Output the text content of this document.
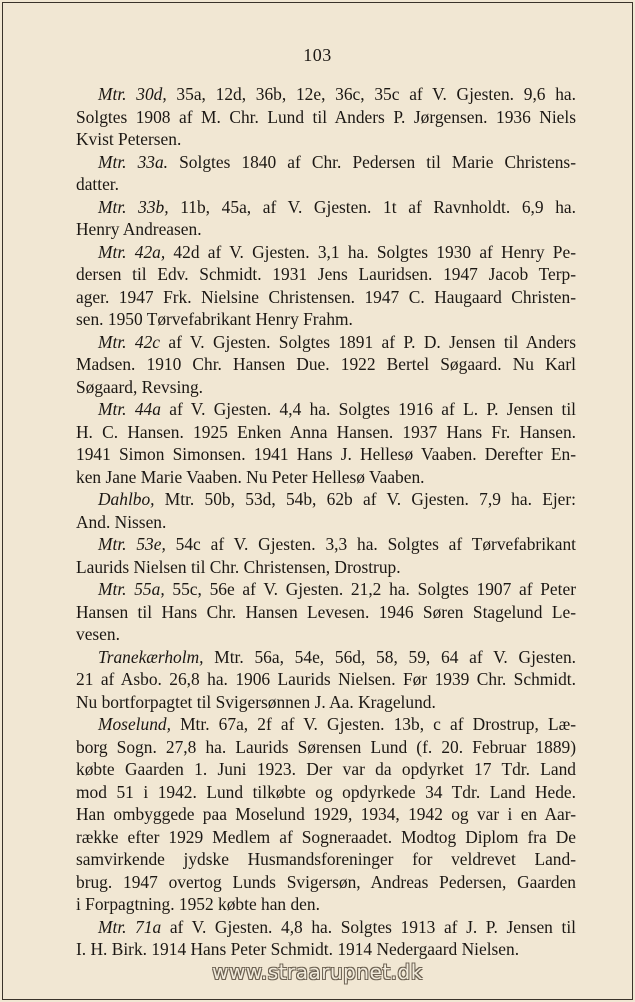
103

Mtr. 30d, 35a, 12d, 36b, 12e, 36c, 35c af V. Gjesten. 9,6 ha.
Solgtes 1908 af M. Chr. Lund til Anders P. Jørgensen. 1936 Niels
Kvist Petersen.

Mtr. 33a. Solgtes 1840 af Chr. Pedersen til Marie Christens-
datter.

Mtr. 33b, 11b, 45a, af V. Gjesten. 1t af Ravnholdt. 6,9 ha.
Henry Andreasen.

Mtr. 42a, 42d af V. Gjesten. 3,1 ha. Solgtes 1930 af Henry Pe-
dersen til Edv. Schmidt. 1931 Jens Lauridsen. 1947 Jacob Terp-
ager. 1947 Frk. Nielsine Christensen. 1947 C. Haugaard Christen-
sen. 1950 Tørvefabrikant Henry Frahm.

Mtr. 42c af V. Gjesten. Solgtes 1891 af P. D. Jensen til Anders
Madsen. 1910 Chr. Hansen Due. 1922 Bertel Søgaard. Nu Karl
Søgaard, Revsing.

Mtr. 44a af V. Gjesten. 4,4 ha. Solgtes 1916 af L. P. Jensen til
H. C. Hansen. 1925 Enken Anna Hansen. 1937 Hans Fr. Hansen.
1941 Simon Simonsen. 1941 Hans J. Hellesø Vaaben. Derefter En-
ken Jane Marie Vaaben. Nu Peter Hellesø Vaaben.

Dahlbo, Mtr. 50b, 53d, 54b, 62b af V. Gjesten. 7,9 ha. Ejer:
And. Nissen.

Mtr. 53e, 54c af V. Gjesten. 3,3 ha. Solgtes af Tørvefabrikant
Laurids Nielsen til Chr. Christensen, Drostrup.

Mtr. 55a, 55c, 56e af V. Gjesten. 21,2 ha. Solgtes 1907 af Peter
Hansen til Hans Chr. Hansen Levesen. 1946 Søren Stagelund Le-
vesen.

Tranekærholm, Mtr. 56a, 54e, 56d, 58, 59, 64 af V. Gjesten.
21 af Asbo. 26,8 ha. 1906 Laurids Nielsen. Før 1939 Chr. Schmidt.
Nu bortforpagtet til Svigersønnen J. Aa. Kragelund.

Moselund, Mtr. 67a, 2f af V. Gjesten. 13b, c af Drostrup, Læ-
borg Sogn. 27,8 ha. Laurids Sørensen Lund (f. 20. Februar 1889)
købte Gaarden 1. Juni 1923. Der var da opdyrket 17 Tdr. Land
mod 51 i 1942. Lund tilkøbte og opdyrkede 34 Tdr. Land Hede.
Han ombyggede paa Moselund 1929, 1934, 1942 og var i en Aar-
række efter 1929 Medlem af Sogneraadet. Modtog Diplom fra De
samvirkende jydske Husmandsforeninger for veldrevet Land-
brug. 1947 overtog Lunds Svigersøn, Andreas Pedersen, Gaarden
i Forpagtning. 1952 købte han den.

Mtr. 71a af V. Gjesten. 4,8 ha. Solgtes 1913 af J. P. Jensen til
I. H. Birk. 1914 Hans Peter Schmidt. 1914 Nedergaard Nielsen.

www.straarupnet.dk
